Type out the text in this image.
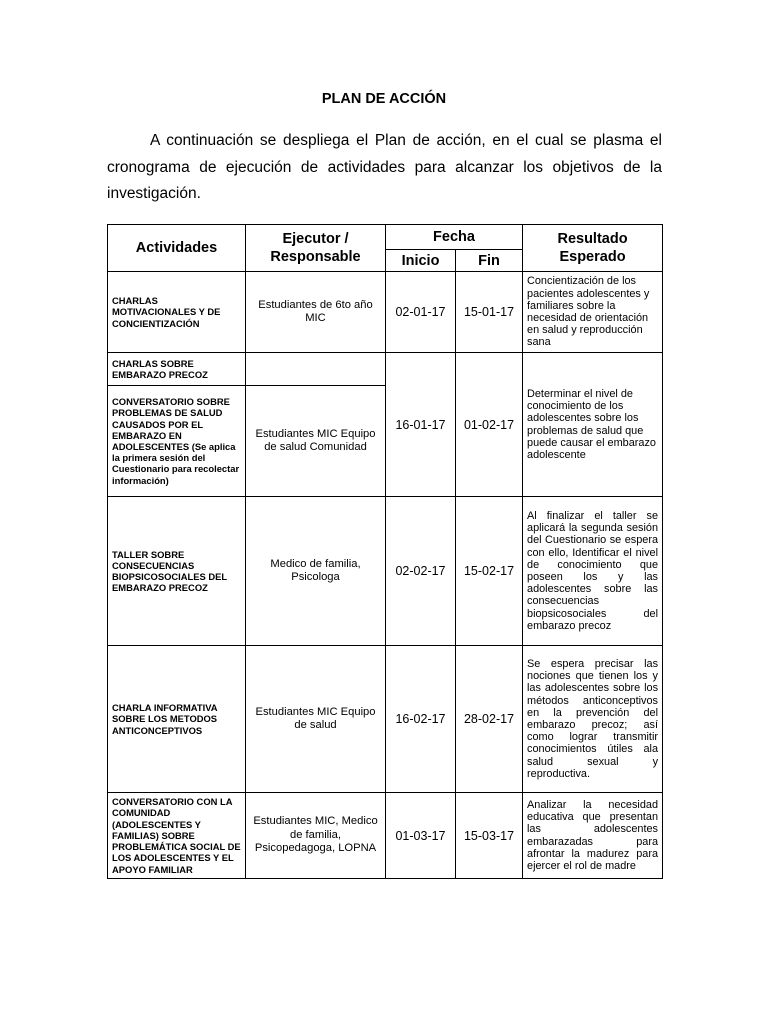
PLAN DE ACCIÓN

A continuación se despliega el Plan de acción, en el cual se plasma el cronograma de ejecución de actividades para alcanzar los objetivos de la investigación.

Actividades	Ejecutor / Responsable	Fecha		Resultado Esperado
		Inicio	Fin	
CHARLAS MOTIVACIONALES Y DE CONCIENTIZACIÓN	Estudiantes de 6to año MIC	02-01-17	15-01-17	Concientización de los pacientes adolescentes y familiares sobre la necesidad de orientación en salud y reproducción sana
CHARLAS SOBRE EMBARAZO PRECOZ		16-01-17	01-02-17	Determinar el nivel de conocimiento de los adolescentes sobre los problemas de salud que puede causar el embarazo adolescente
CONVERSATORIO SOBRE PROBLEMAS DE SALUD CAUSADOS POR EL EMBARAZO EN ADOLESCENTES (Se aplica la primera sesión del Cuestionario para recolectar información)	Estudiantes MIC Equipo de salud Comunidad			
TALLER SOBRE CONSECUENCIAS BIOPSICOSOCIALES DEL EMBARAZO PRECOZ	Medico de familia, Psicologa	02-02-17	15-02-17	Al finalizar el taller se aplicará la segunda sesión del Cuestionario se espera con ello, Identificar el nivel de conocimiento que poseen los y las adolescentes sobre las consecuencias biopsicosociales del embarazo precoz
CHARLA INFORMATIVA SOBRE LOS METODOS ANTICONCEPTIVOS	Estudiantes MIC Equipo de salud	16-02-17	28-02-17	Se espera precisar las nociones que tienen los y las adolescentes sobre los métodos anticonceptivos en la prevención del embarazo precoz; así como lograr transmitir conocimientos útiles ala salud sexual y reproductiva.
CONVERSATORIO CON LA COMUNIDAD (ADOLESCENTES Y FAMILIAS) SOBRE PROBLEMÁTICA SOCIAL DE LOS ADOLESCENTES Y EL APOYO FAMILIAR	Estudiantes MIC, Medico de familia, Psicopedagoga, LOPNA	01-03-17	15-03-17	Analizar la necesidad educativa que presentan las adolescentes embarazadas para afrontar la madurez para ejercer el rol de madre
